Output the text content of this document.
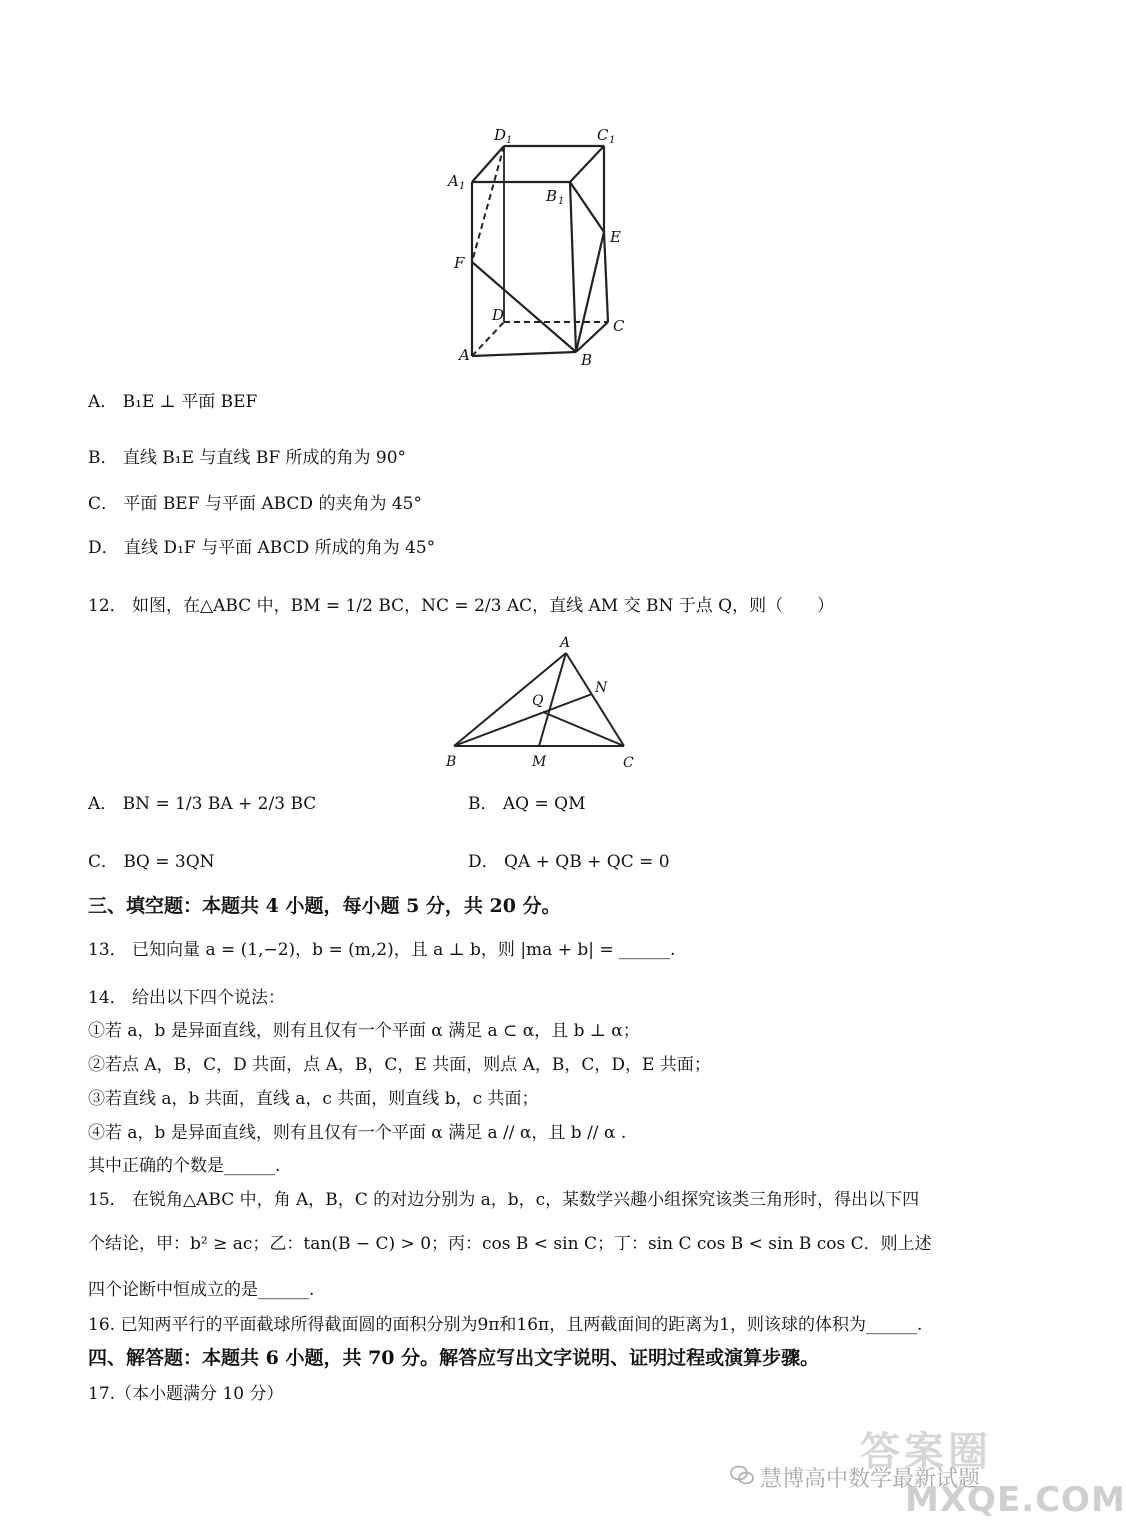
D 1	C 1
A 1
B 1
E
F
D
C
A	B
A． B₁E ⊥ 平面 BEF
B． 直线 B₁E 与直线 BF 所成的角为 90°
C． 平面 BEF 与平面 ABCD 的夹角为 45°
D． 直线 D₁F 与平面 ABCD 所成的角为 45°
12． 如图，在△ABC 中，BM = 1/2 BC，NC = 2/3 AC，直线 AM 交 BN 于点 Q，则（　　）
A
B	C
M
N
Q
A． BN = 1/3 BA + 2/3 BC	B． AQ = QM
C． BQ = 3QN	D． QA + QB + QC = 0
三、填空题：本题共 4 小题，每小题 5 分，共 20 分。
13． 已知向量 a = (1,−2)，b = (m,2)，且 a ⊥ b，则 |ma + b| = ______.
14． 给出以下四个说法：
①若 a，b 是异面直线，则有且仅有一个平面 α 满足 a ⊂ α，且 b ⊥ α；
②若点 A，B，C，D 共面，点 A，B，C，E 共面，则点 A，B，C，D，E 共面；
③若直线 a，b 共面，直线 a，c 共面，则直线 b，c 共面；
④若 a，b 是异面直线，则有且仅有一个平面 α 满足 a // α，且 b // α .
其中正确的个数是______.
15． 在锐角△ABC 中，角 A，B，C 的对边分别为 a，b，c，某数学兴趣小组探究该类三角形时，得出以下四
个结论，甲：b² ≥ ac；乙：tan(B − C) > 0；丙：cos B < sin C；丁：sin C cos B < sin B cos C．则上述
四个论断中恒成立的是______.
16. 已知两平行的平面截球所得截面圆的面积分别为9π和16π，且两截面间的距离为1，则该球的体积为______.
四、解答题：本题共 6 小题，共 70 分。解答应写出文字说明、证明过程或演算步骤。
17.（本小题满分 10 分）
答案圈
慧博高中数学最新试题
MXQE.COM
